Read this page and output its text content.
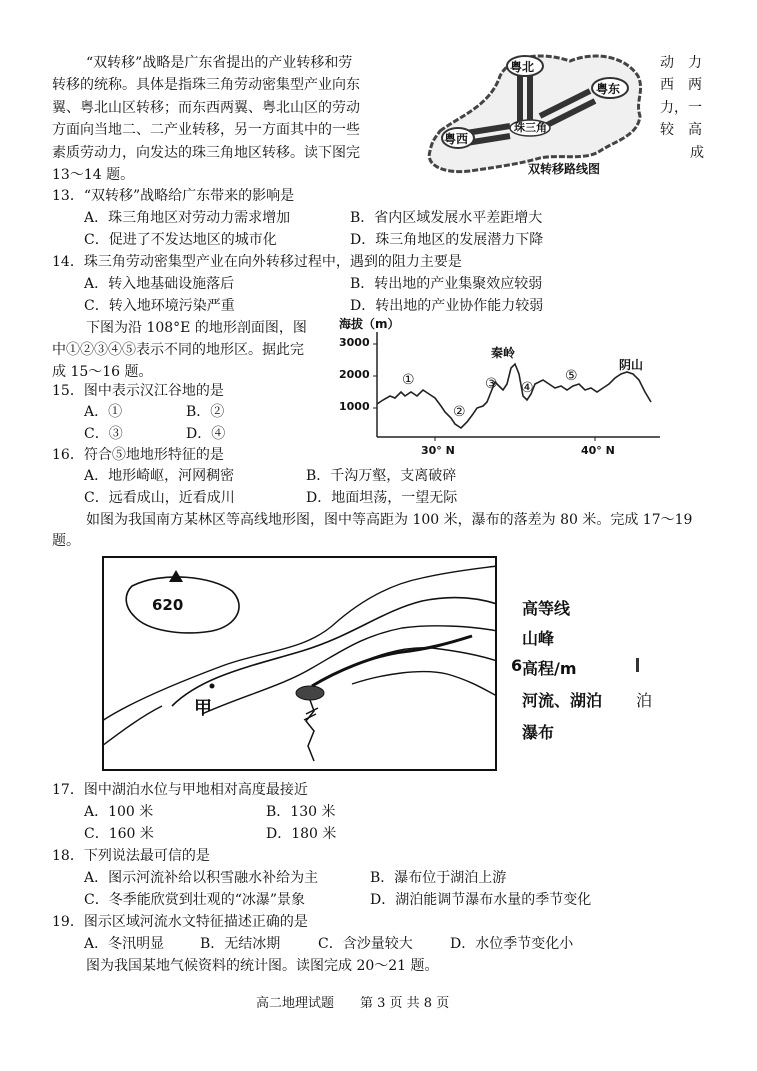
“双转移”战略是广东省提出的产业转移和劳
转移的统称。具体是指珠三角劳动密集型产业向东
翼、粤北山区转移；而东西两翼、粤北山区的劳动
方面向当地二、二产业转移，另一方面其中的一些
素质劳动力，向发达的珠三角地区转移。读下图完
13～14 题。
动　力
西　两
力，一
较　高
成
粤北
粤东
粤西
珠三角
双转移路线图
13．“双转移”战略给广东带来的影响是
A．珠三角地区对劳动力需求增加	B．省内区域发展水平差距增大
C．促进了不发达地区的城市化	D．珠三角地区的发展潜力下降
14．珠三角劳动密集型产业在向外转移过程中，遇到的阻力主要是
A．转入地基础设施落后	B．转出地的产业集聚效应较弱
C．转入地环境污染严重	D．转出地的产业协作能力较弱
下图为沿 108°E 的地形剖面图，图
中①②③④⑤表示不同的地形区。据此完
成 15～16 题。
海拔（m）
3000
2000
1000
30° N	40° N
①
②
③ ④
⑤
秦岭
阴山
15．图中表示汉江谷地的是
A．①	B．②
C．③	D．④
16．符合⑤地地形特征的是
A．地形崎岖，河网稠密	B．千沟万壑，支离破碎
C．远看成山，近看成川	D．地面坦荡，一望无际
如图为我国南方某林区等高线地形图，图中等高距为 100 米，瀑布的落差为 80 米。完成 17～19
题。
620
甲
高等线
山峰
6 高程/m
河流、湖泊 泊
瀑布
17．图中湖泊水位与甲地相对高度最接近
A．100 米	B．130 米
C．160 米	D．180 米
18．下列说法最可信的是
A．图示河流补给以积雪融水补给为主	B．瀑布位于湖泊上游
C．冬季能欣赏到壮观的“冰瀑”景象	D．湖泊能调节瀑布水量的季节变化
19．图示区域河流水文特征描述正确的是
A．冬汛明显	B．无结冰期	C．含沙量较大	D．水位季节变化小
图为我国某地气候资料的统计图。读图完成 20～21 题。
高二地理试题　　第 3 页 共 8 页
